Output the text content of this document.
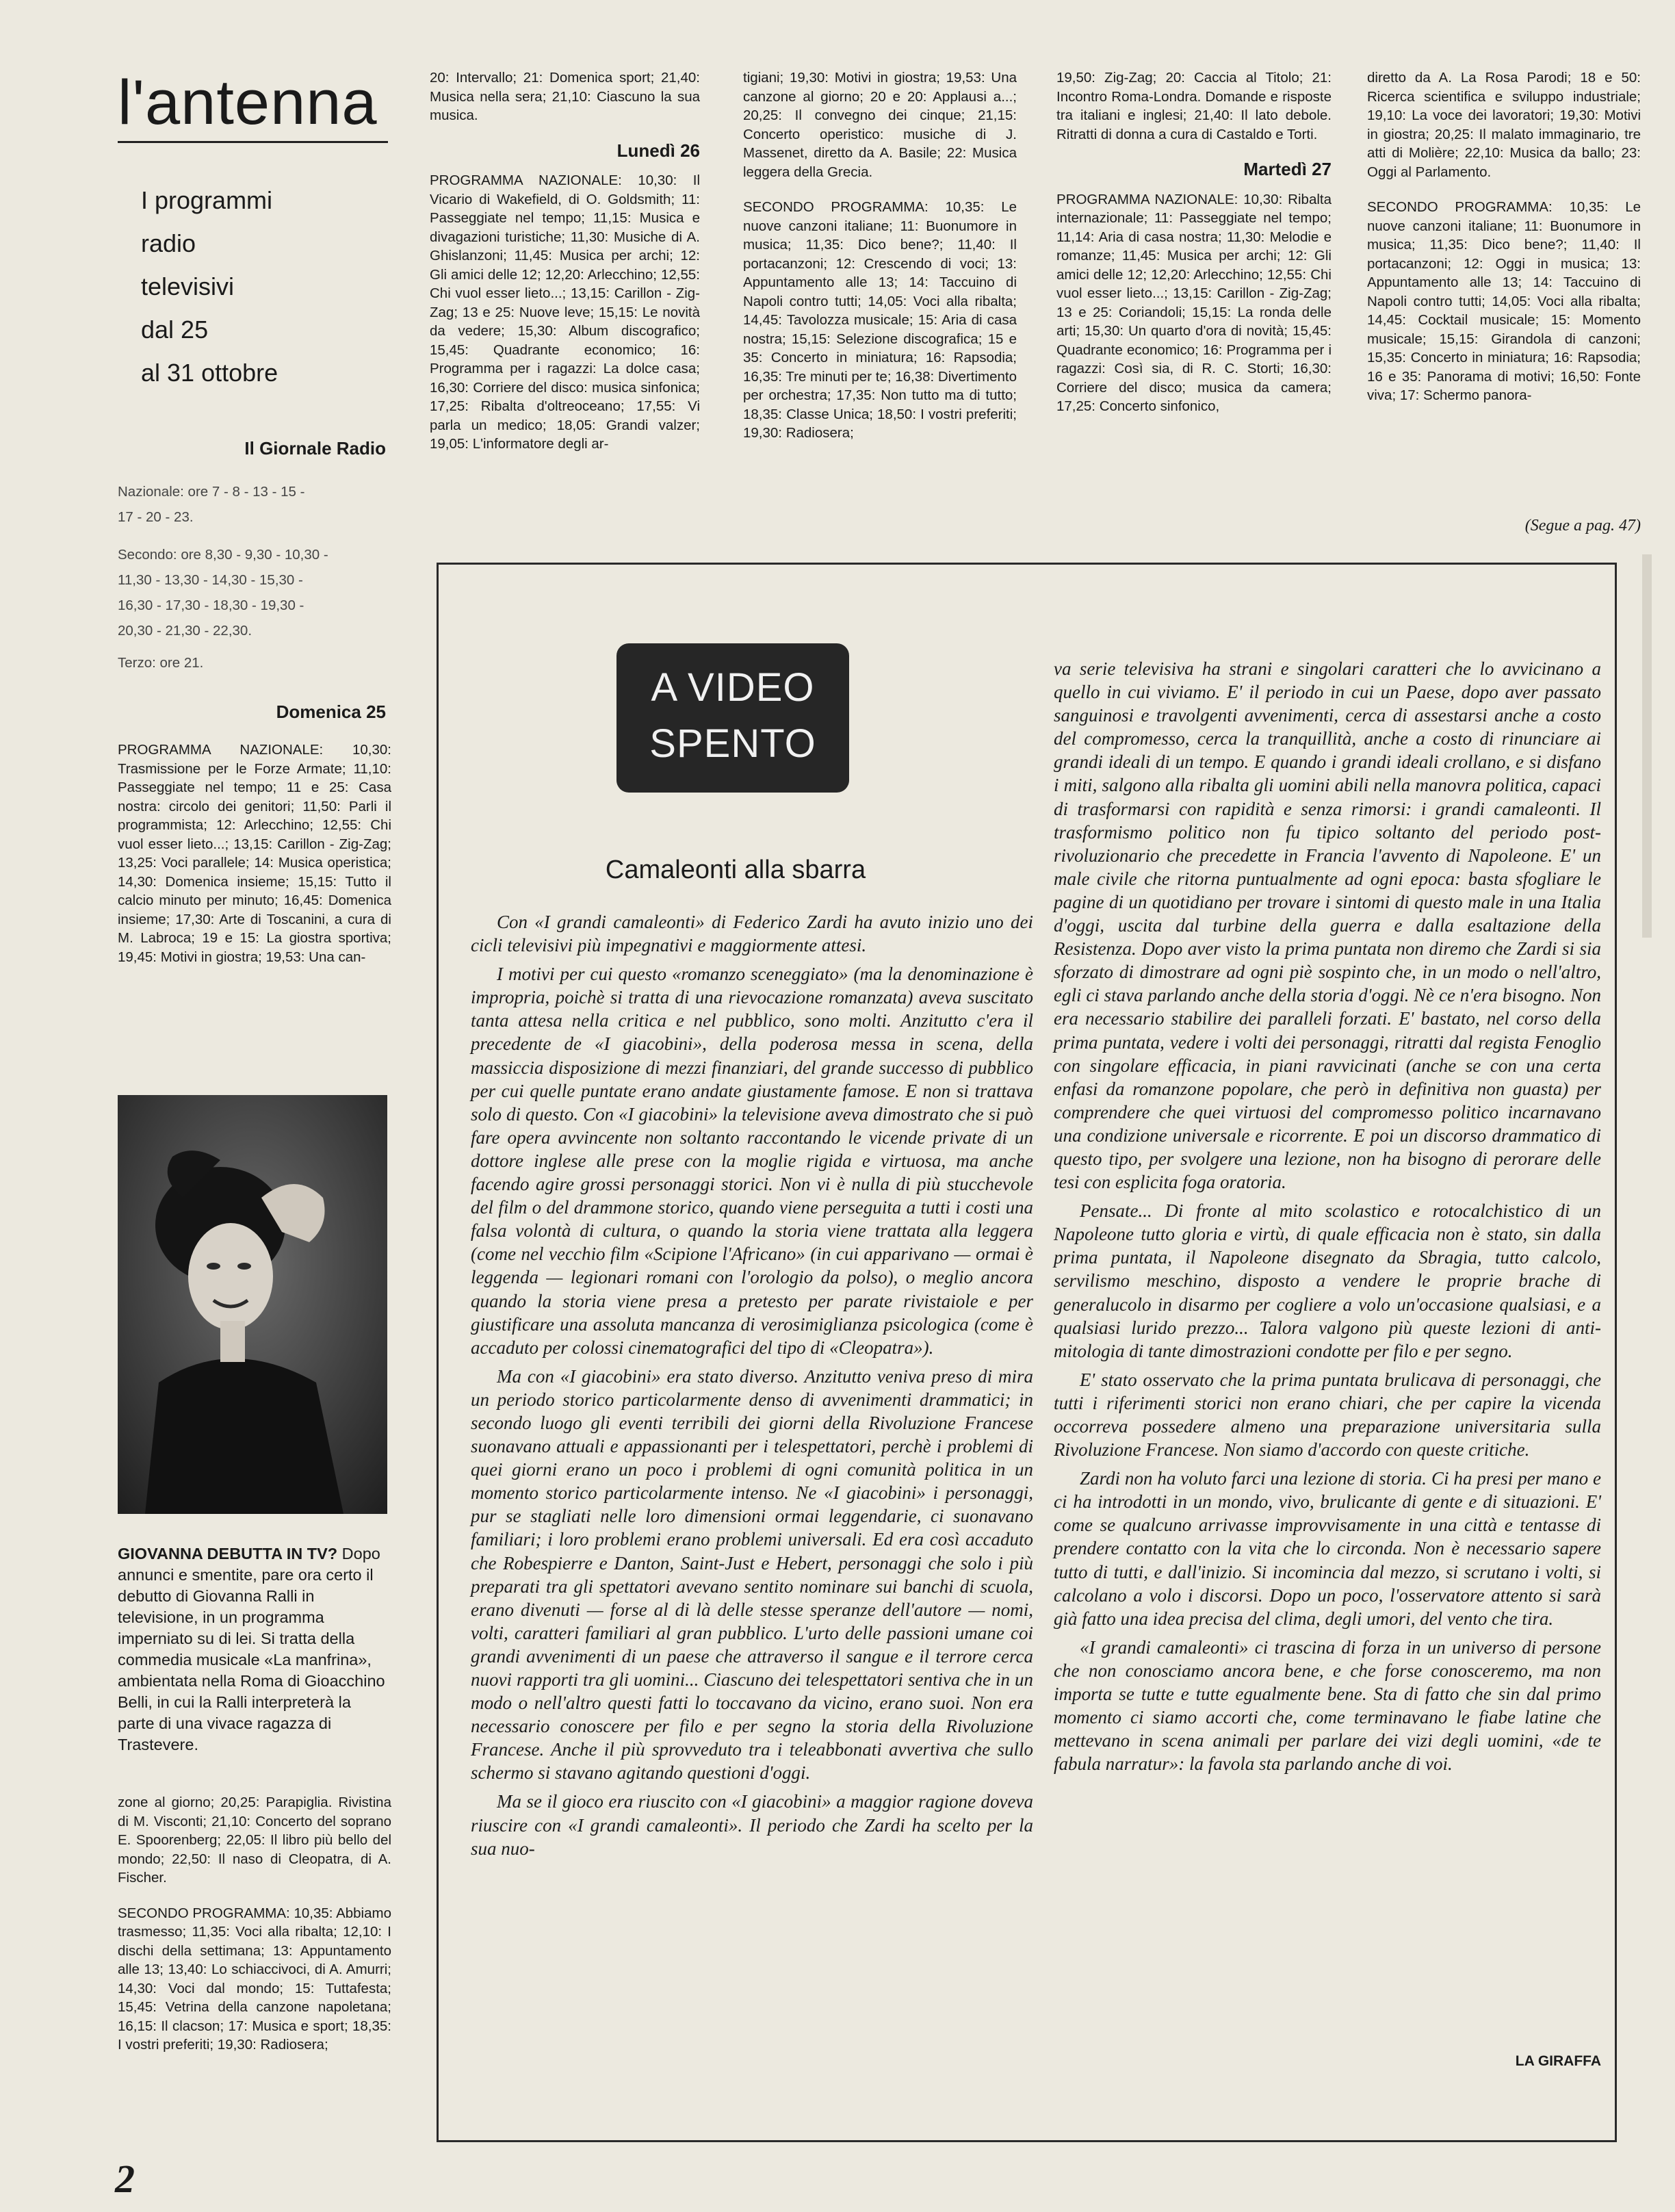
l'antenna
I programmi
radio
televisivi
dal 25
al 31 ottobre
Il Giornale Radio
Nazionale: ore 7 - 8 - 13 - 15 -
17 - 20 - 23.
Secondo: ore 8,30 - 9,30 - 10,30 -
11,30 - 13,30 - 14,30 - 15,30 -
16,30 - 17,30 - 18,30 - 19,30 -
20,30 - 21,30 - 22,30.
Terzo: ore 21.
Domenica 25

PROGRAMMA NAZIONALE: 10,30: Trasmissione per le Forze Armate; 11,10: Passeggiate nel tempo; 11 e 25: Casa nostra: circolo dei genitori; 11,50: Parli il programmista; 12: Arlecchino; 12,55: Chi vuol esser lieto...; 13,15: Carillon - Zig-Zag; 13,25: Voci parallele; 14: Musica operistica; 14,30: Domenica insieme; 15,15: Tutto il calcio minuto per minuto; 16,45: Domenica insieme; 17,30: Arte di Toscanini, a cura di M. Labroca; 19 e 15: La giostra sportiva; 19,45: Motivi in giostra; 19,53: Una can-

GIOVANNA DEBUTTA IN TV? Dopo annunci e smentite, pare ora certo il debutto di Giovanna Ralli in televisione, in un programma imperniato su di lei. Si tratta della commedia musicale «La manfrina», ambientata nella Roma di Gioacchino Belli, in cui la Ralli interpreterà la parte di una vivace ragazza di Trastevere.

zone al giorno; 20,25: Parapiglia. Rivistina di M. Visconti; 21,10: Concerto del soprano E. Spoorenberg; 22,05: Il libro più bello del mondo; 22,50: Il naso di Cleopatra, di A. Fischer.

SECONDO PROGRAMMA: 10,35: Abbiamo trasmesso; 11,35: Voci alla ribalta; 12,10: I dischi della settimana; 13: Appuntamento alle 13; 13,40: Lo schiaccivoci, di A. Amurri; 14,30: Voci dal mondo; 15: Tuttafesta; 15,45: Vetrina della canzone napoletana; 16,15: Il clacson; 17: Musica e sport; 18,35: I vostri preferiti; 19,30: Radiosera;

20: Intervallo; 21: Domenica sport; 21,40: Musica nella sera; 21,10: Ciascuno la sua musica.

Lunedì 26

PROGRAMMA NAZIONALE: 10,30: Il Vicario di Wakefield, di O. Goldsmith; 11: Passeggiate nel tempo; 11,15: Musica e divagazioni turistiche; 11,30: Musiche di A. Ghislanzoni; 11,45: Musica per archi; 12: Gli amici delle 12; 12,20: Arlecchino; 12,55: Chi vuol esser lieto...; 13,15: Carillon - Zig-Zag; 13 e 25: Nuove leve; 15,15: Le novità da vedere; 15,30: Album discografico; 15,45: Quadrante economico; 16: Programma per i ragazzi: La dolce casa; 16,30: Corriere del disco: musica sinfonica; 17,25: Ribalta d'oltreoceano; 17,55: Vi parla un medico; 18,05: Grandi valzer; 19,05: L'informatore degli ar-

tigiani; 19,30: Motivi in giostra; 19,53: Una canzone al giorno; 20 e 20: Applausi a...; 20,25: Il convegno dei cinque; 21,15: Concerto operistico: musiche di J. Massenet, diretto da A. Basile; 22: Musica leggera della Grecia.

SECONDO PROGRAMMA: 10,35: Le nuove canzoni italiane; 11: Buonumore in musica; 11,35: Dico bene?; 11,40: Il portacanzoni; 12: Crescendo di voci; 13: Appuntamento alle 13; 14: Taccuino di Napoli contro tutti; 14,05: Voci alla ribalta; 14,45: Tavolozza musicale; 15: Aria di casa nostra; 15,15: Selezione discografica; 15 e 35: Concerto in miniatura; 16: Rapsodia; 16,35: Tre minuti per te; 16,38: Divertimento per orchestra; 17,35: Non tutto ma di tutto; 18,35: Classe Unica; 18,50: I vostri preferiti; 19,30: Radiosera;

19,50: Zig-Zag; 20: Caccia al Titolo; 21: Incontro Roma-Londra. Domande e risposte tra italiani e inglesi; 21,40: Il lato debole. Ritratti di donna a cura di Castaldo e Torti.

Martedì 27

PROGRAMMA NAZIONALE: 10,30: Ribalta internazionale; 11: Passeggiate nel tempo; 11,14: Aria di casa nostra; 11,30: Melodie e romanze; 11,45: Musica per archi; 12: Gli amici delle 12; 12,20: Arlecchino; 12,55: Chi vuol esser lieto...; 13,15: Carillon - Zig-Zag; 13 e 25: Coriandoli; 15,15: La ronda delle arti; 15,30: Un quarto d'ora di novità; 15,45: Quadrante economico; 16: Programma per i ragazzi: Così sia, di R. C. Storti; 16,30: Corriere del disco; musica da camera; 17,25: Concerto sinfonico,

diretto da A. La Rosa Parodi; 18 e 50: Ricerca scientifica e sviluppo industriale; 19,10: La voce dei lavoratori; 19,30: Motivi in giostra; 20,25: Il malato immaginario, tre atti di Molière; 22,10: Musica da ballo; 23: Oggi al Parlamento.

SECONDO PROGRAMMA: 10,35: Le nuove canzoni italiane; 11: Buonumore in musica; 11,35: Dico bene?; 11,40: Il portacanzoni; 12: Oggi in musica; 13: Appuntamento alle 13; 14: Taccuino di Napoli contro tutti; 14,05: Voci alla ribalta; 14,45: Cocktail musicale; 15: Momento musicale; 15,15: Girandola di canzoni; 15,35: Concerto in miniatura; 16: Rapsodia; 16 e 35: Panorama di motivi; 16,50: Fonte viva; 17: Schermo panora-

(Segue a pag. 47)
A VIDEO
SPENTO
Camaleonti alla sbarra

Con «I grandi camaleonti» di Federico Zardi ha avuto inizio uno dei cicli televisivi più impegnativi e maggiormente attesi.

I motivi per cui questo «romanzo sceneggiato» (ma la denominazione è impropria, poichè si tratta di una rievocazione romanzata) aveva suscitato tanta attesa nella critica e nel pubblico, sono molti. Anzitutto c'era il precedente de «I giacobini», della poderosa messa in scena, della massiccia disposizione di mezzi finanziari, del grande successo di pubblico per cui quelle puntate erano andate giustamente famose. E non si trattava solo di questo. Con «I giacobini» la televisione aveva dimostrato che si può fare opera avvincente non soltanto raccontando le vicende private di un dottore inglese alle prese con la moglie rigida e virtuosa, ma anche facendo agire grossi personaggi storici. Non vi è nulla di più stucchevole del film o del drammone storico, quando viene perseguita a tutti i costi una falsa volontà di cultura, o quando la storia viene trattata alla leggera (come nel vecchio film «Scipione l'Africano» (in cui apparivano — ormai è leggenda — legionari romani con l'orologio da polso), o meglio ancora quando la storia viene presa a pretesto per parate rivistaiole e per giustificare una assoluta mancanza di verosimiglianza psicologica (come è accaduto per colossi cinematografici del tipo di «Cleopatra»).

Ma con «I giacobini» era stato diverso. Anzitutto veniva preso di mira un periodo storico particolarmente denso di avvenimenti drammatici; in secondo luogo gli eventi terribili dei giorni della Rivoluzione Francese suonavano attuali e appassionanti per i telespettatori, perchè i problemi di quei giorni erano un poco i problemi di ogni comunità politica in un momento storico particolarmente intenso. Ne «I giacobini» i personaggi, pur se stagliati nelle loro dimensioni ormai leggendarie, ci suonavano familiari; i loro problemi erano problemi universali. Ed era così accaduto che Robespierre e Danton, Saint-Just e Hebert, personaggi che solo i più preparati tra gli spettatori avevano sentito nominare sui banchi di scuola, erano divenuti — forse al di là delle stesse speranze dell'autore — nomi, volti, caratteri familiari al gran pubblico. L'urto delle passioni umane coi grandi avvenimenti di un paese che attraverso il sangue e il terrore cerca nuovi rapporti tra gli uomini... Ciascuno dei telespettatori sentiva che in un modo o nell'altro questi fatti lo toccavano da vicino, erano suoi. Non era necessario conoscere per filo e per segno la storia della Rivoluzione Francese. Anche il più sprovveduto tra i teleabbonati avvertiva che sullo schermo si stavano agitando questioni d'oggi.

Ma se il gioco era riuscito con «I giacobini» a maggior ragione doveva riuscire con «I grandi camaleonti». Il periodo che Zardi ha scelto per la sua nuo-

va serie televisiva ha strani e singolari caratteri che lo avvicinano a quello in cui viviamo. E' il periodo in cui un Paese, dopo aver passato sanguinosi e travolgenti avvenimenti, cerca di assestarsi anche a costo del compromesso, cerca la tranquillità, anche a costo di rinunciare ai grandi ideali di un tempo. E quando i grandi ideali crollano, e si disfano i miti, salgono alla ribalta gli uomini abili nella manovra politica, capaci di trasformarsi con rapidità e senza rimorsi: i grandi camaleonti. Il trasformismo politico non fu tipico soltanto del periodo post-rivoluzionario che precedette in Francia l'avvento di Napoleone. E' un male civile che ritorna puntualmente ad ogni epoca: basta sfogliare le pagine di un quotidiano per trovare i sintomi di questo male in una Italia d'oggi, uscita dal turbine della guerra e dalla esaltazione della Resistenza. Dopo aver visto la prima puntata non diremo che Zardi si sia sforzato di dimostrare ad ogni piè sospinto che, in un modo o nell'altro, egli ci stava parlando anche della storia d'oggi. Nè ce n'era bisogno. Non era necessario stabilire dei paralleli forzati. E' bastato, nel corso della prima puntata, vedere i volti dei personaggi, ritratti dal regista Fenoglio con singolare efficacia, in piani ravvicinati (anche se con una certa enfasi da romanzone popolare, che però in definitiva non guasta) per comprendere che quei virtuosi del compromesso politico incarnavano una condizione universale e ricorrente. E poi un discorso drammatico di questo tipo, per svolgere una lezione, non ha bisogno di perorare delle tesi con esplicita foga oratoria.

Pensate... Di fronte al mito scolastico e rotocalchistico di un Napoleone tutto gloria e virtù, di quale efficacia non è stato, sin dalla prima puntata, il Napoleone disegnato da Sbragia, tutto calcolo, servilismo meschino, disposto a vendere le proprie brache di generalucolo in disarmo per cogliere a volo un'occasione qualsiasi, e a qualsiasi lurido prezzo... Talora valgono più queste lezioni di anti-mitologia di tante dimostrazioni condotte per filo e per segno.

E' stato osservato che la prima puntata brulicava di personaggi, che tutti i riferimenti storici non erano chiari, che per capire la vicenda occorreva possedere almeno una preparazione universitaria sulla Rivoluzione Francese. Non siamo d'accordo con queste critiche.

Zardi non ha voluto farci una lezione di storia. Ci ha presi per mano e ci ha introdotti in un mondo, vivo, brulicante di gente e di situazioni. E' come se qualcuno arrivasse improvvisamente in una città e tentasse di prendere contatto con la vita che lo circonda. Non è necessario sapere tutto di tutti, e dall'inizio. Si incomincia dal mezzo, si scrutano i volti, si calcolano a volo i discorsi. Dopo un poco, l'osservatore attento si sarà già fatto una idea precisa del clima, degli umori, del vento che tira.

«I grandi camaleonti» ci trascina di forza in un universo di persone che non conosciamo ancora bene, e che forse conosceremo, ma non importa se tutte e tutte egualmente bene. Sta di fatto che sin dal primo momento ci siamo accorti che, come terminavano le fiabe latine che mettevano in scena animali per parlare dei vizi degli uomini, «de te fabula narratur»: la favola sta parlando anche di voi.

LA GIRAFFA
2
